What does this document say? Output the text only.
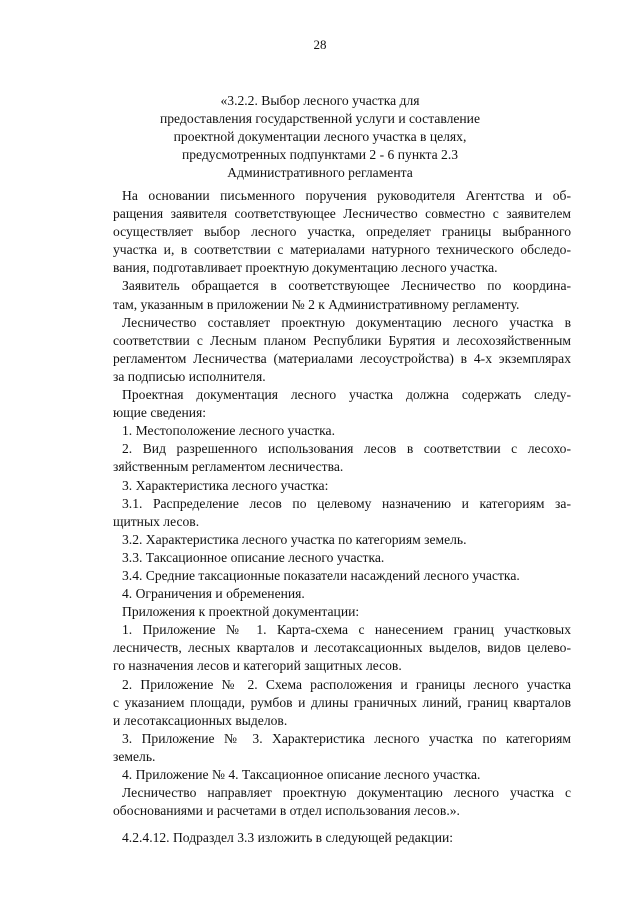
28
«3.2.2. Выбор лесного участка для
предоставления государственной услуги и составление
проектной документации лесного участка в целях,
предусмотренных подпунктами 2 - 6 пункта 2.3
Административного регламента
На основании письменного поручения руководителя Агентства и об-
ращения заявителя соответствующее Лесничество совместно с заявителем
осуществляет выбор лесного участка, определяет границы выбранного
участка и, в соответствии с материалами натурного технического обследо-
вания, подготавливает проектную документацию лесного участка.
Заявитель обращается в соответствующее Лесничество по координа-
там, указанным в приложении № 2 к Административному регламенту.
Лесничество составляет проектную документацию лесного участка в
соответствии с Лесным планом Республики Бурятия и лесохозяйственным
регламентом Лесничества (материалами лесоустройства) в 4-х экземплярах
за подписью исполнителя.
Проектная документация лесного участка должна содержать следу-
ющие сведения:
1. Местоположение лесного участка.
2. Вид разрешенного использования лесов в соответствии с лесохо-
зяйственным регламентом лесничества.
3. Характеристика лесного участка:
3.1. Распределение лесов по целевому назначению и категориям за-
щитных лесов.
3.2. Характеристика лесного участка по категориям земель.
3.3. Таксационное описание лесного участка.
3.4. Средние таксационные показатели насаждений лесного участка.
4. Ограничения и обременения.
Приложения к проектной документации:
1. Приложение № 1. Карта-схема с нанесением границ участковых
лесничеств, лесных кварталов и лесотаксационных выделов, видов целево-
го назначения лесов и категорий защитных лесов.
2. Приложение № 2. Схема расположения и границы лесного участка
с указанием площади, румбов и длины граничных линий, границ кварталов
и лесотаксационных выделов.
3. Приложение № 3. Характеристика лесного участка по категориям
земель.
4. Приложение № 4. Таксационное описание лесного участка.
Лесничество направляет проектную документацию лесного участка с
обоснованиями и расчетами в отдел использования лесов.».
4.2.4.12. Подраздел 3.3 изложить в следующей редакции:
